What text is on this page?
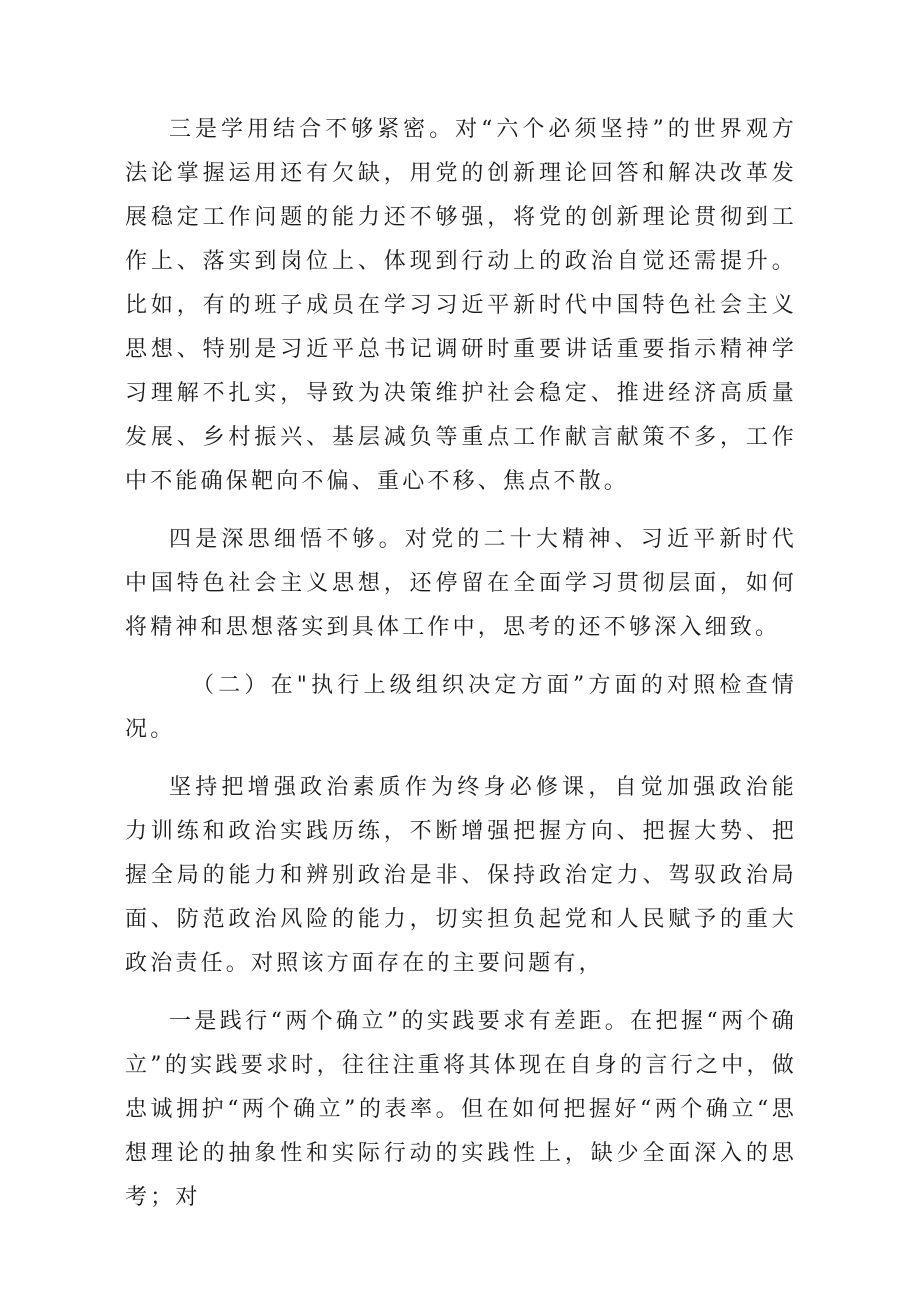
三是学用结合不够紧密。对“六个必须坚持”的世界观方法论掌握运用还有欠缺，用党的创新理论回答和解决改革发展稳定工作问题的能力还不够强，将党的创新理论贯彻到工作上、落实到岗位上、体现到行动上的政治自觉还需提升。比如，有的班子成员在学习习近平新时代中国特色社会主义思想、特别是习近平总书记调研时重要讲话重要指示精神学习理解不扎实，导致为决策维护社会稳定、推进经济高质量发展、乡村振兴、基层减负等重点工作献言献策不多，工作中不能确保靶向不偏、重心不移、焦点不散。

四是深思细悟不够。对党的二十大精神、习近平新时代中国特色社会主义思想，还停留在全面学习贯彻层面，如何将精神和思想落实到具体工作中，思考的还不够深入细致。

（二）在"执行上级组织决定方面”方面的对照检查情况。

坚持把增强政治素质作为终身必修课，自觉加强政治能力训练和政治实践历练，不断增强把握方向、把握大势、把握全局的能力和辨别政治是非、保持政治定力、驾驭政治局面、防范政治风险的能力，切实担负起党和人民赋予的重大政治责任。对照该方面存在的主要问题有，

一是践行“两个确立”的实践要求有差距。在把握“两个确立”的实践要求时，往往注重将其体现在自身的言行之中，做忠诚拥护“两个确立”的表率。但在如何把握好“两个确立“思想理论的抽象性和实际行动的实践性上，缺少全面深入的思考；对
